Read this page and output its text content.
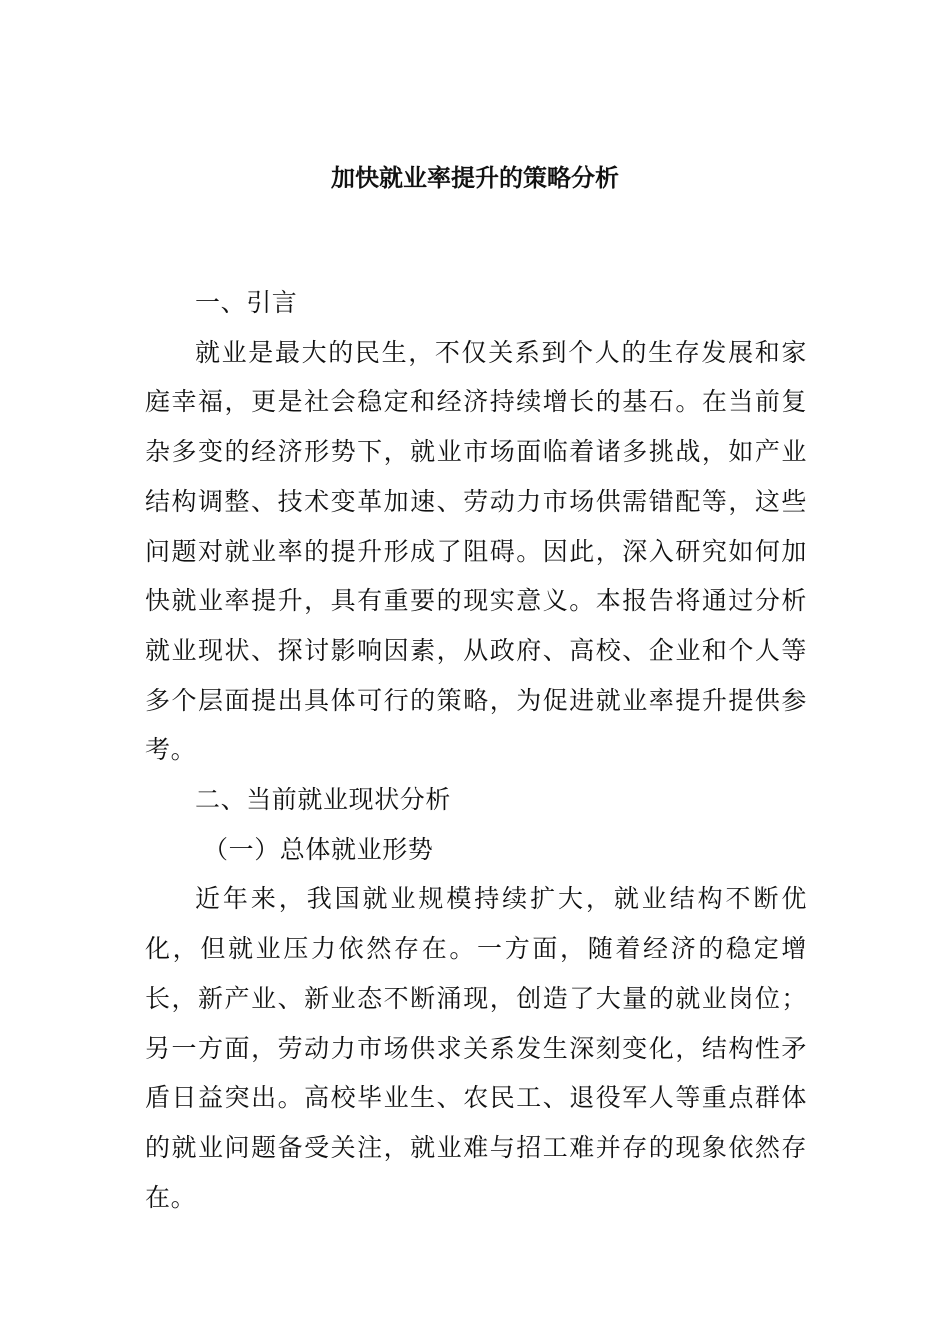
加快就业率提升的策略分析

一、引言

就业是最大的民生，不仅关系到个人的生存发展和家庭幸福，更是社会稳定和经济持续增长的基石。在当前复杂多变的经济形势下，就业市场面临着诸多挑战，如产业结构调整、技术变革加速、劳动力市场供需错配等，这些问题对就业率的提升形成了阻碍。因此，深入研究如何加快就业率提升，具有重要的现实意义。本报告将通过分析就业现状、探讨影响因素，从政府、高校、企业和个人等多个层面提出具体可行的策略，为促进就业率提升提供参考。

二、当前就业现状分析

（一）总体就业形势

近年来，我国就业规模持续扩大，就业结构不断优化，但就业压力依然存在。一方面，随着经济的稳定增长，新产业、新业态不断涌现，创造了大量的就业岗位；另一方面，劳动力市场供求关系发生深刻变化，结构性矛盾日益突出。高校毕业生、农民工、退役军人等重点群体的就业问题备受关注，就业难与招工难并存的现象依然存在。
